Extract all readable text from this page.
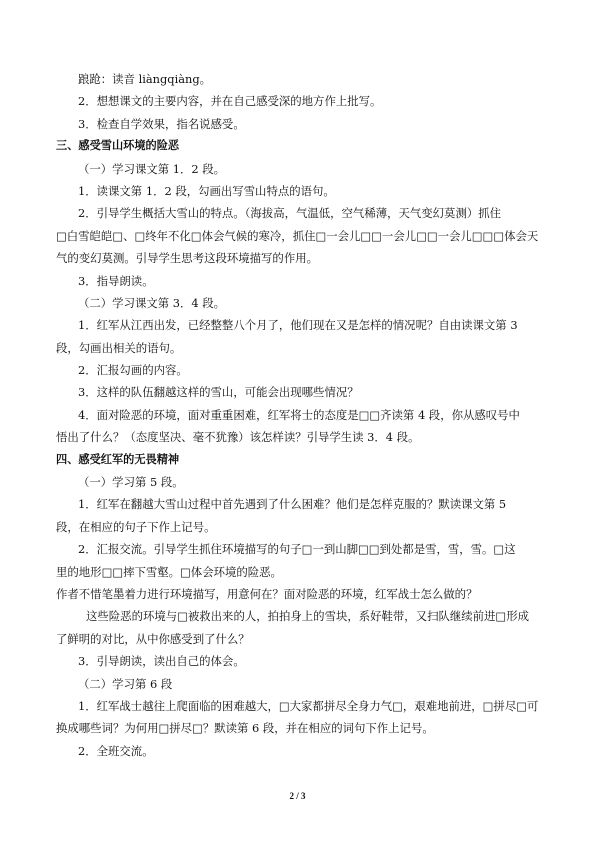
踉跄：读音 liàngqiàng。
2．想想课文的主要内容，并在自己感受深的地方作上批写。
3．检查自学效果，指名说感受。
三、感受雪山环境的险恶
（一）学习课文第 1．2 段。
1．读课文第 1．2 段，勾画出写雪山特点的语句。
2．引导学生概括大雪山的特点。（海拔高，气温低，空气稀薄，天气变幻莫测）抓住
□白雪皑皑□、□终年不化□体会气候的寒冷，抓住□一会儿□□一会儿□□一会儿□□□体会天
气的变幻莫测。引导学生思考这段环境描写的作用。
3．指导朗读。
（二）学习课文第 3．4 段。
1．红军从江西出发，已经整整八个月了，他们现在又是怎样的情况呢？自由读课文第 3
段，勾画出相关的语句。
2．汇报勾画的内容。
3．这样的队伍翻越这样的雪山，可能会出现哪些情况？
4．面对险恶的环境，面对重重困难，红军将士的态度是□□齐读第 4 段，你从感叹号中
悟出了什么？（态度坚决、毫不犹豫）该怎样读？引导学生读 3．4 段。
四、感受红军的无畏精神
（一）学习第 5 段。
1．红军在翻越大雪山过程中首先遇到了什么困难？他们是怎样克服的？默读课文第 5
段，在相应的句子下作上记号。
2．汇报交流。引导学生抓住环境描写的句子□一到山脚□□到处都是雪，雪，雪。□这
里的地形□□摔下雪壑。□体会环境的险恶。
作者不惜笔墨着力进行环境描写，用意何在？面对险恶的环境，红军战士怎么做的？
这些险恶的环境与□被救出来的人，拍拍身上的雪块，系好鞋带，又扫队继续前进□形成
了鲜明的对比，从中你感受到了什么？
3．引导朗读，读出自己的体会。
（二）学习第 6 段
1．红军战士越往上爬面临的困难越大，□大家都拼尽全身力气□，艰难地前进，□拼尽□可
换成哪些词？为何用□拼尽□？默读第 6 段，并在相应的词句下作上记号。
2．全班交流。
2 / 3
